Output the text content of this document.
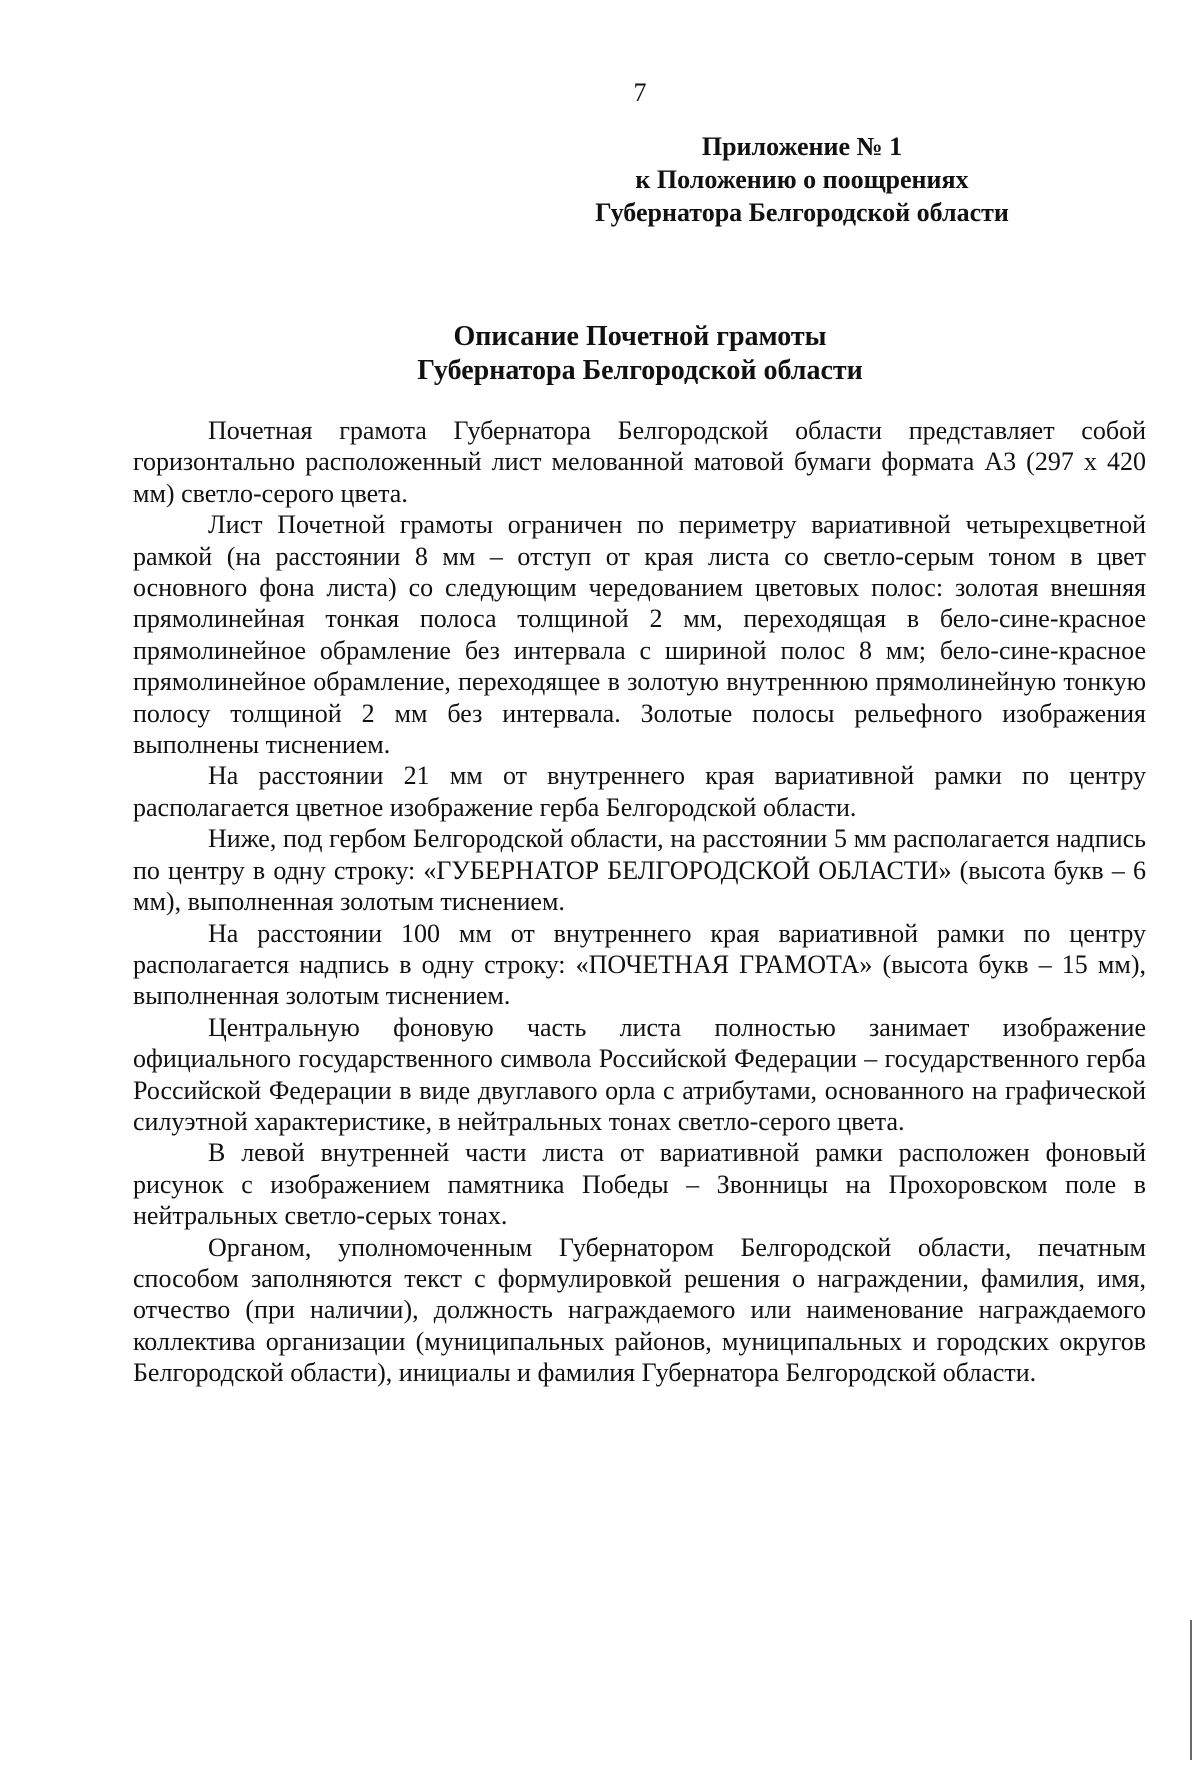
7
Приложение № 1
к Положению о поощрениях
Губернатора Белгородской области
Описание Почетной грамоты
Губернатора Белгородской области

Почетная грамота Губернатора Белгородской области представляет собой горизонтально расположенный лист мелованной матовой бумаги формата А3 (297 х 420 мм) светло-серого цвета.

Лист Почетной грамоты ограничен по периметру вариативной четырехцветной рамкой (на расстоянии 8 мм – отступ от края листа со светло-серым тоном в цвет основного фона листа) со следующим чередованием цветовых полос: золотая внешняя прямолинейная тонкая полоса толщиной 2 мм, переходящая в бело-сине-красное прямолинейное обрамление без интервала с шириной полос 8 мм; бело-сине-красное прямолинейное обрамление, переходящее в золотую внутреннюю прямолинейную тонкую полосу толщиной 2 мм без интервала. Золотые полосы рельефного изображения выполнены тиснением.

На расстоянии 21 мм от внутреннего края вариативной рамки по центру располагается цветное изображение герба Белгородской области.

Ниже, под гербом Белгородской области, на расстоянии 5 мм располагается надпись по центру в одну строку: «ГУБЕРНАТОР БЕЛГОРОДСКОЙ ОБЛАСТИ» (высота букв – 6 мм), выполненная золотым тиснением.

На расстоянии 100 мм от внутреннего края вариативной рамки по центру располагается надпись в одну строку: «ПОЧЕТНАЯ ГРАМОТА» (высота букв – 15 мм), выполненная золотым тиснением.

Центральную фоновую часть листа полностью занимает изображение официального государственного символа Российской Федерации – государственного герба Российской Федерации в виде двуглавого орла с атрибутами, основанного на графической силуэтной характеристике, в нейтральных тонах светло-серого цвета.

В левой внутренней части листа от вариативной рамки расположен фоновый рисунок с изображением памятника Победы – Звонницы на Прохоровском поле в нейтральных светло-серых тонах.

Органом, уполномоченным Губернатором Белгородской области, печатным способом заполняются текст с формулировкой решения о награждении, фамилия, имя, отчество (при наличии), должность награждаемого или наименование награждаемого коллектива организации (муниципальных районов, муниципальных и городских округов Белгородской области), инициалы и фамилия Губернатора Белгородской области.
